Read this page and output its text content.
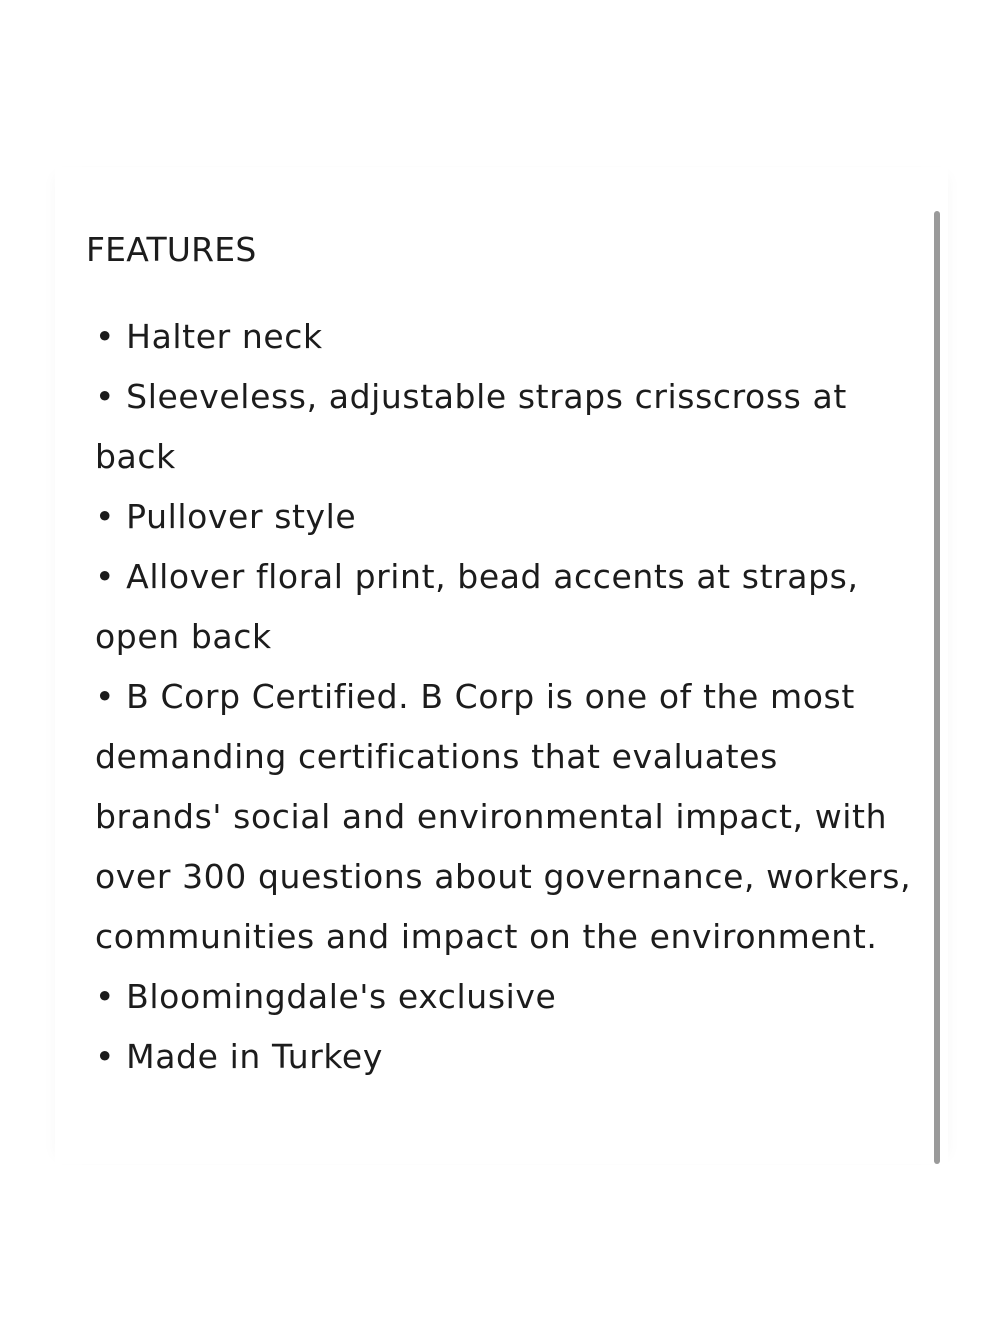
FEATURES
• Halter neck
• Sleeveless, adjustable straps crisscross at back
• Pullover style
• Allover floral print, bead accents at straps, open back
• B Corp Certified. B Corp is one of the most demanding certifications that evaluates brands' social and environmental impact, with over 300 questions about governance, workers, communities and impact on the environment.
• Bloomingdale's exclusive
• Made in Turkey
